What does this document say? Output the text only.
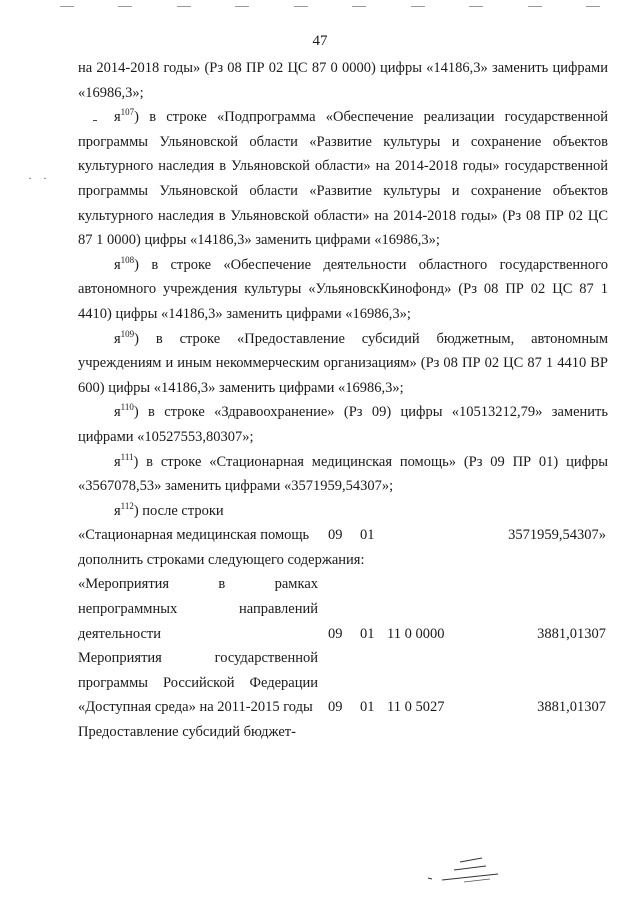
47
· ·

на 2014-2018 годы» (Рз 08 ПР 02 ЦС 87 0 0000) цифры «14186,3» заменить цифрами «16986,3»;

$я^{107}$) в строке «Подпрограмма «Обеспечение реализации государственной программы Ульяновской области «Развитие культуры и сохранение объектов культурного наследия в Ульяновской области» на 2014-2018 годы» государственной программы Ульяновской области «Развитие культуры и сохранение объектов культурного наследия в Ульяновской области» на 2014-2018 годы» (Рз 08 ПР 02 ЦС 87 1 0000) цифры «14186,3» заменить цифрами «16986,3»;

$я^{108}$) в строке «Обеспечение деятельности областного государственного автономного учреждения культуры «УльяновскКинофонд» (Рз 08 ПР 02 ЦС 87 1 4410) цифры «14186,3» заменить цифрами «16986,3»;

$я^{109}$) в строке «Предоставление субсидий бюджетным, автономным учреждениям и иным некоммерческим организациям» (Рз 08 ПР 02 ЦС 87 1 4410 ВР 600) цифры «14186,3» заменить цифрами «16986,3»;

$я^{110}$) в строке «Здравоохранение» (Рз 09) цифры «10513212,79» заменить цифрами «10527553,80307»;

$я^{111}$) в строке «Стационарная медицинская помощь» (Рз 09 ПР 01) цифры «3567078,53» заменить цифрами «3571959,54307»;

$я^{112}$) после строки

«Стационарная медицинская помощь	09 01	3571959,54307»

дополнить строками следующего содержания:

«Мероприятия в рамках непрограммных направлений деятельности	09 01 11 0 0000	3881,01307
Мероприятия государственной программы Российской Федерации «Доступная среда» на 2011-2015 годы	09 01 11 0 5027	3881,01307
Предоставление субсидий бюджет-
